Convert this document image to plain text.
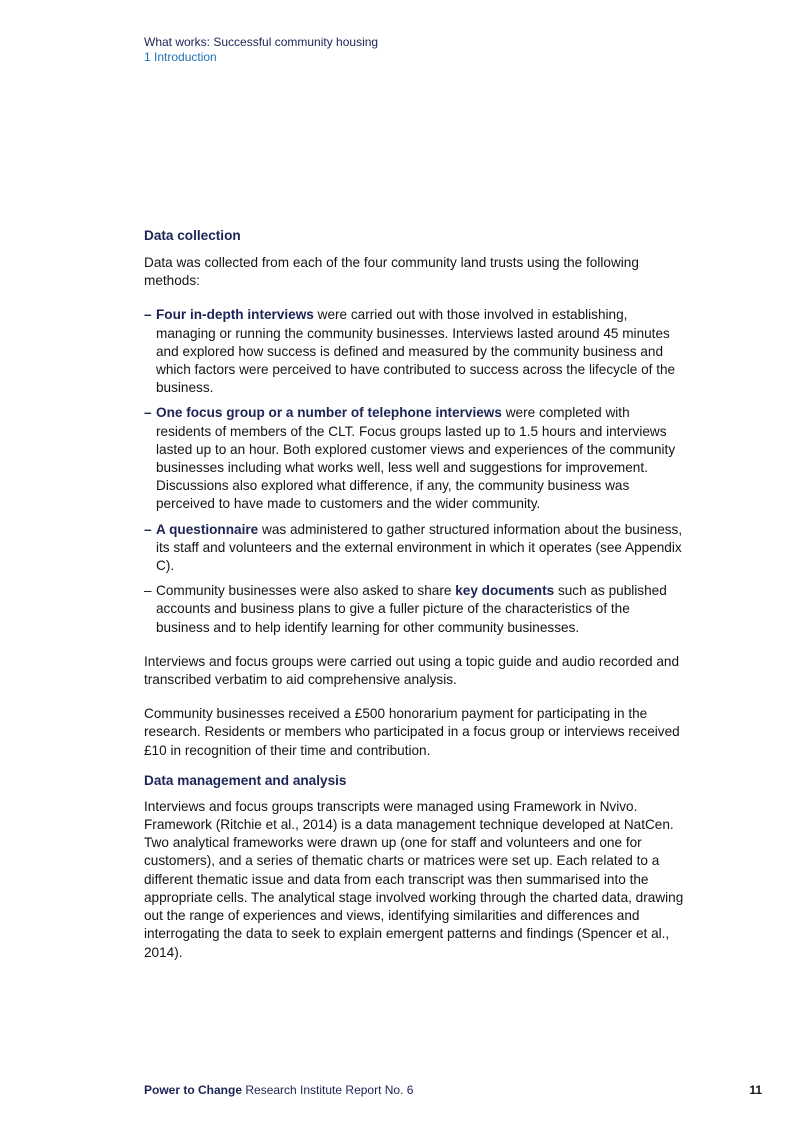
What works: Successful community housing
1 Introduction
Data collection

Data was collected from each of the four community land trusts using the following methods:

– Four in-depth interviews were carried out with those involved in establishing, managing or running the community businesses. Interviews lasted around 45 minutes and explored how success is defined and measured by the community business and which factors were perceived to have contributed to success across the lifecycle of the business.
– One focus group or a number of telephone interviews were completed with residents of members of the CLT. Focus groups lasted up to 1.5 hours and interviews lasted up to an hour. Both explored customer views and experiences of the community businesses including what works well, less well and suggestions for improvement. Discussions also explored what difference, if any, the community business was perceived to have made to customers and the wider community.
– A questionnaire was administered to gather structured information about the business, its staff and volunteers and the external environment in which it operates (see Appendix C).
– Community businesses were also asked to share key documents such as published accounts and business plans to give a fuller picture of the characteristics of the business and to help identify learning for other community businesses.

Interviews and focus groups were carried out using a topic guide and audio recorded and transcribed verbatim to aid comprehensive analysis.

Community businesses received a £500 honorarium payment for participating in the research. Residents or members who participated in a focus group or interviews received £10 in recognition of their time and contribution.

Data management and analysis

Interviews and focus groups transcripts were managed using Framework in Nvivo. Framework (Ritchie et al., 2014) is a data management technique developed at NatCen. Two analytical frameworks were drawn up (one for staff and volunteers and one for customers), and a series of thematic charts or matrices were set up. Each related to a different thematic issue and data from each transcript was then summarised into the appropriate cells. The analytical stage involved working through the charted data, drawing out the range of experiences and views, identifying similarities and differences and interrogating the data to seek to explain emergent patterns and findings (Spencer et al., 2014).

Power to Change Research Institute Report No. 6	11
